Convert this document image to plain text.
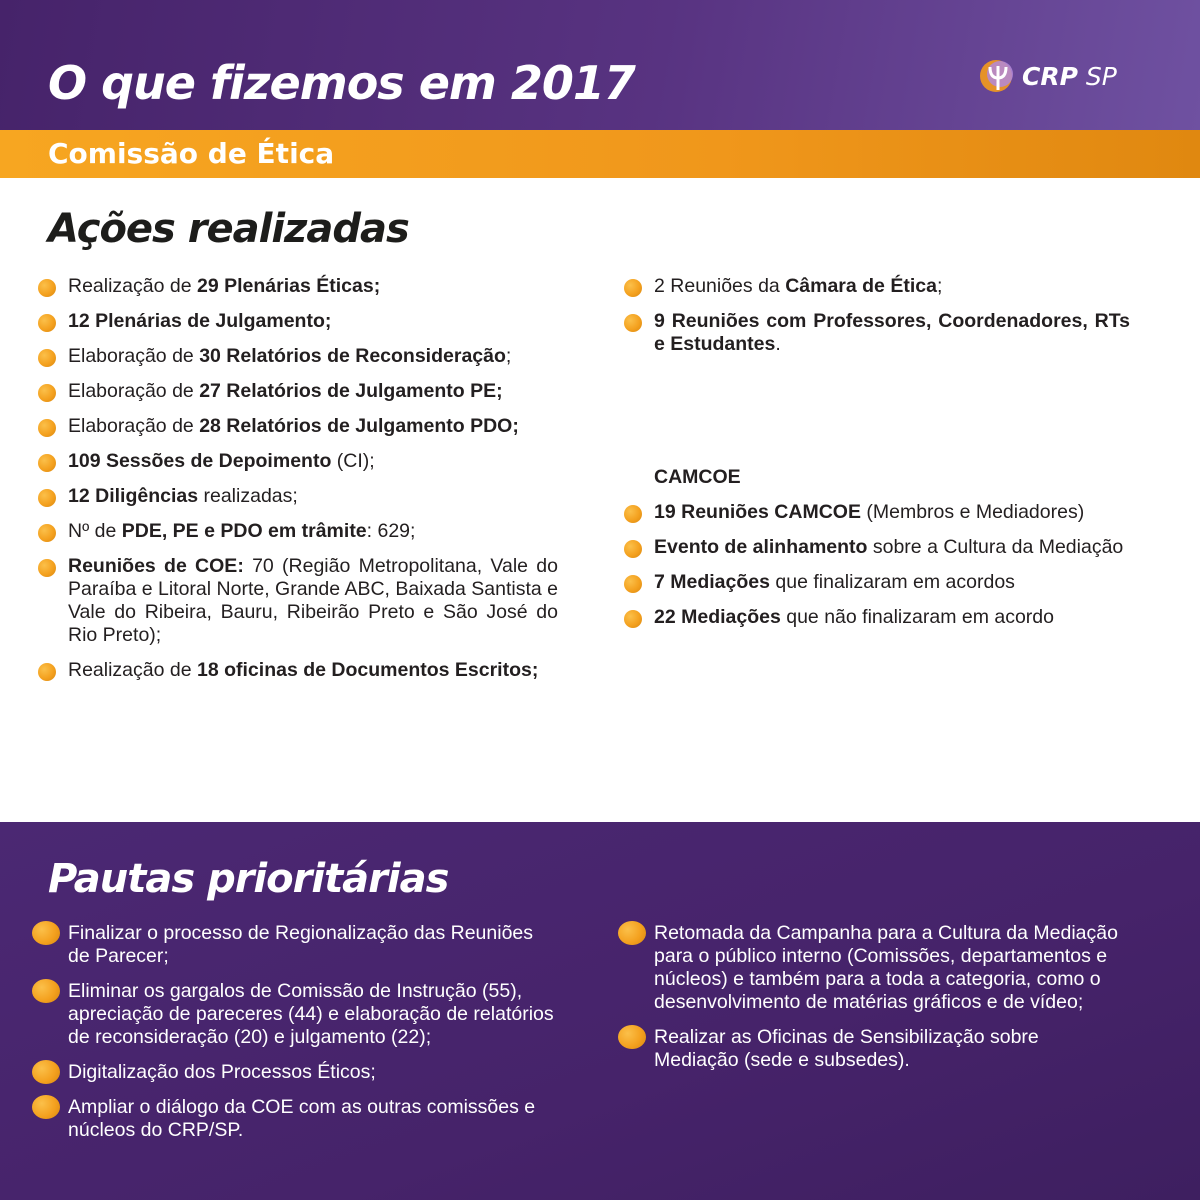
O que fizemos em 2017	CRP SP
Comissão de Ética
Ações realizadas
Realização de 29 Plenárias Éticas;
12 Plenárias de Julgamento;
Elaboração de 30 Relatórios de Reconsideração;
Elaboração de 27 Relatórios de Julgamento PE;
Elaboração de 28 Relatórios de Julgamento PDO;
109 Sessões de Depoimento (CI);
12 Diligências realizadas;
Nº de PDE, PE e PDO em trâmite: 629;
Reuniões de COE: 70 (Região Metropolitana, Vale do Paraíba e Litoral Norte, Grande ABC, Baixada Santista e Vale do Ribeira, Bauru, Ribeirão Preto e São José do Rio Preto);
Realização de 18 oficinas de Documentos Escritos;
2 Reuniões da Câmara de Ética;
9 Reuniões com Professores, Coordenadores, RTs e Estudantes.
CAMCOE
19 Reuniões CAMCOE (Membros e Mediadores)
Evento de alinhamento sobre a Cultura da Mediação
7 Mediações que finalizaram em acordos
22 Mediações que não finalizaram em acordo
Pautas prioritárias
Finalizar o processo de Regionalização das Reuniões de Parecer;
Eliminar os gargalos de Comissão de Instrução (55), apreciação de pareceres (44) e elaboração de relatórios de reconsideração (20) e julgamento (22);
Digitalização dos Processos Éticos;
Ampliar o diálogo da COE com as outras comissões e núcleos do CRP/SP.
Retomada da Campanha para a Cultura da Mediação para o público interno (Comissões, departamentos e núcleos) e também para a toda a categoria, como o desenvolvimento de matérias gráficos e de vídeo;
Realizar as Oficinas de Sensibilização sobre Mediação (sede e subsedes).
